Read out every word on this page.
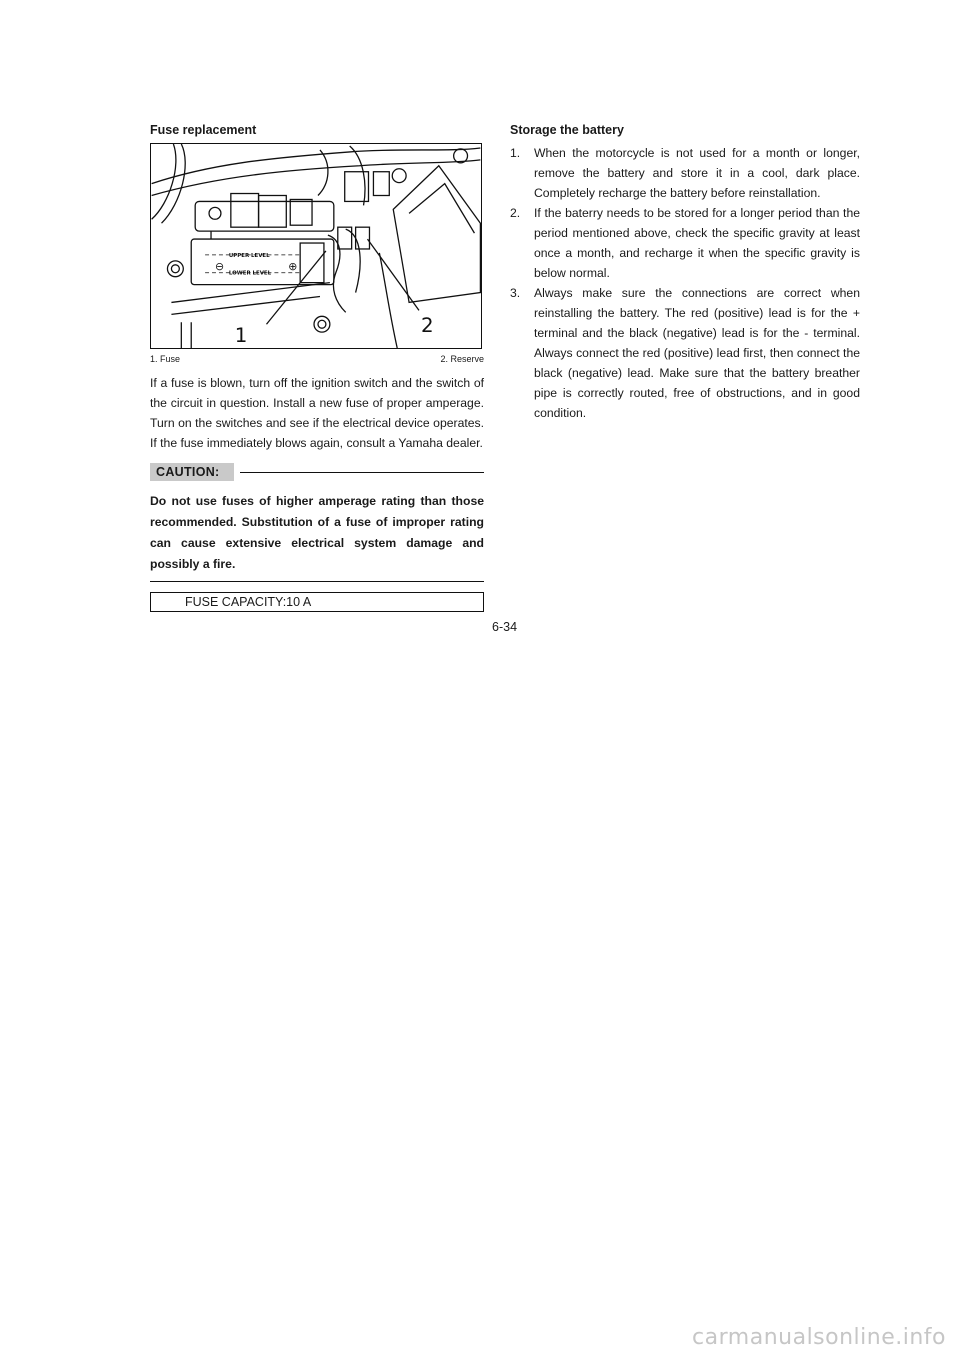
Fuse replacement
⊖	⊕
UPPER LEVEL
LOWER LEVEL
1	2
1. Fuse	2. Reserve

If a fuse is blown, turn off the ignition switch and the switch of the circuit in question. Install a new fuse of proper amperage. Turn on the switches and see if the electrical device operates. If the fuse immediately blows again, consult a Yamaha dealer.

CAUTION:

Do not use fuses of higher amperage rating than those recommended. Substitution of a fuse of improper rating can cause extensive electrical system damage and possibly a fire.

FUSE CAPACITY:10 A
Storage the battery
1.	When the motorcycle is not used for a month or longer, remove the battery and store it in a cool, dark place. Completely recharge the battery before reinstallation.
2.	If the baterry needs to be stored for a longer period than the period mentioned above, check the specific gravity at least once a month, and recharge it when the specific gravity is below normal.
3.	Always make sure the connections are correct when reinstalling the battery. The red (positive) lead is for the + terminal and the black (negative) lead is for the - terminal. Always connect the red (positive) lead first, then connect the black (negative) lead. Make sure that the battery breather pipe is correctly routed, free of obstructions, and in good condition.
6-34
carmanualsonline.info
